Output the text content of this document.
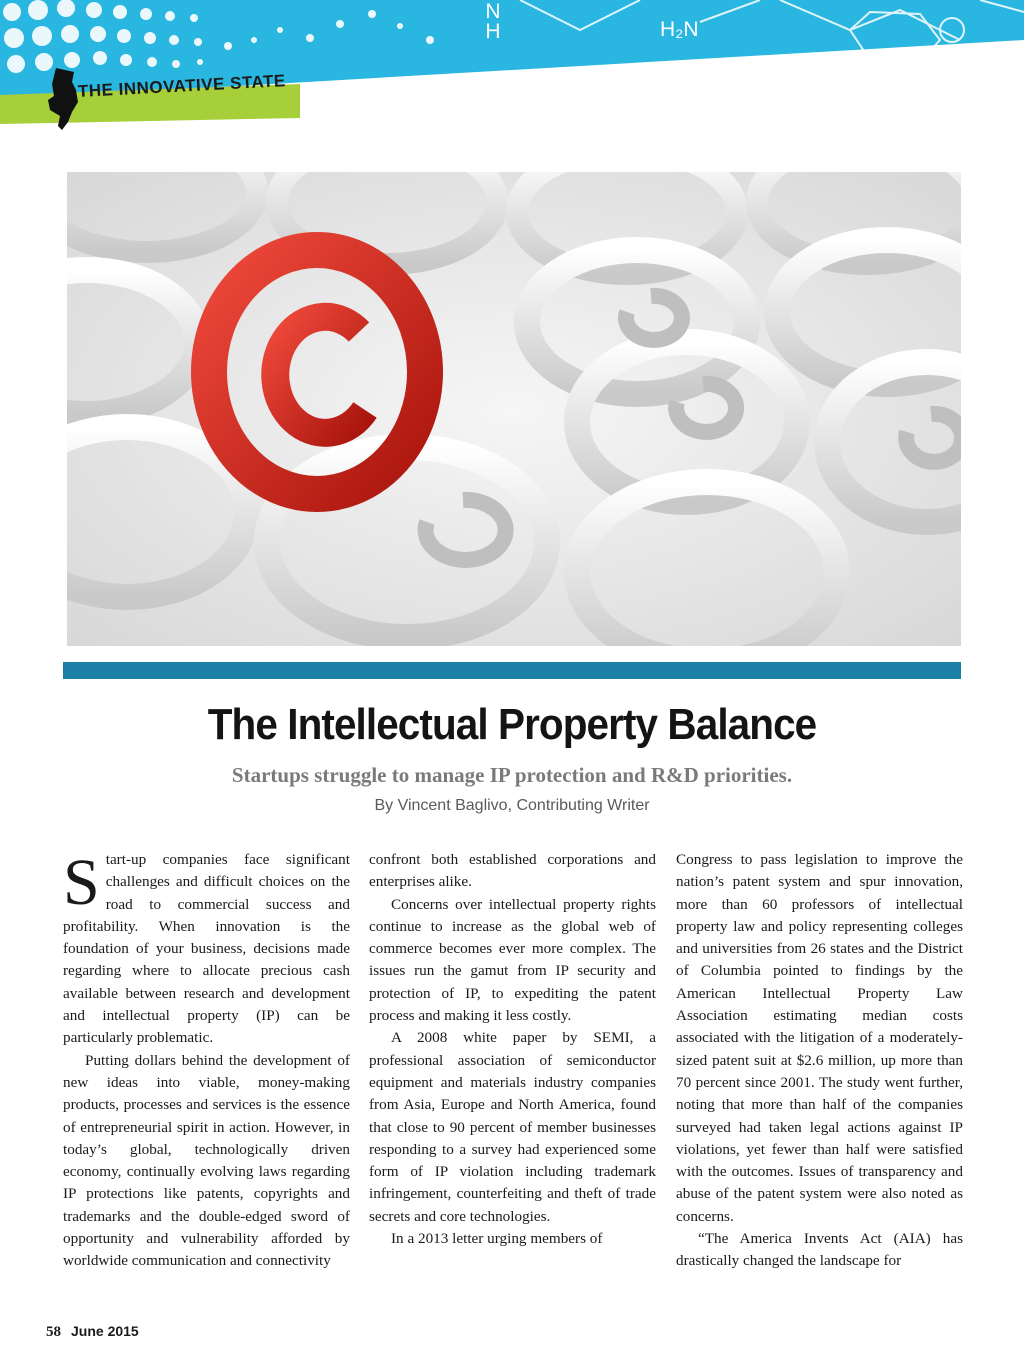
N
H	H₂N
THE INNOVATIVE STATE
The Intellectual Property Balance
Startups struggle to manage IP protection and R&D priorities.
By Vincent Baglivo, Contributing Writer

Start-up companies face significant challenges and difficult choices on the road to commercial success and profitability. When innovation is the foundation of your business, decisions made regarding where to allocate precious cash available between research and development and intellectual property (IP) can be particularly problematic.

Putting dollars behind the development of new ideas into viable, money-making products, processes and services is the essence of entrepreneurial spirit in action. However, in today’s global, technologically driven economy, continually evolving laws regarding IP protections like patents, copyrights and trademarks and the double-edged sword of opportunity and vulnerability afforded by worldwide communication and connectivity

confront both established corporations and enterprises alike.

Concerns over intellectual property rights continue to increase as the global web of commerce becomes ever more complex. The issues run the gamut from IP security and protection of IP, to expediting the patent process and making it less costly.

A 2008 white paper by SEMI, a professional association of semiconductor equipment and materials industry companies from Asia, Europe and North America, found that close to 90 percent of member businesses responding to a survey had experienced some form of IP violation including trademark infringement, counterfeiting and theft of trade secrets and core technologies.

In a 2013 letter urging members of

Congress to pass legislation to improve the nation’s patent system and spur innovation, more than 60 professors of intellectual property law and policy representing colleges and universities from 26 states and the District of Columbia pointed to findings by the American Intellectual Property Law Association estimating median costs associated with the litigation of a moderately-sized patent suit at $2.6 million, up more than 70 percent since 2001. The study went further, noting that more than half of the companies surveyed had taken legal actions against IP violations, yet fewer than half were satisfied with the outcomes. Issues of transparency and abuse of the patent system were also noted as concerns.

“The America Invents Act (AIA) has drastically changed the landscape for

58 June 2015
